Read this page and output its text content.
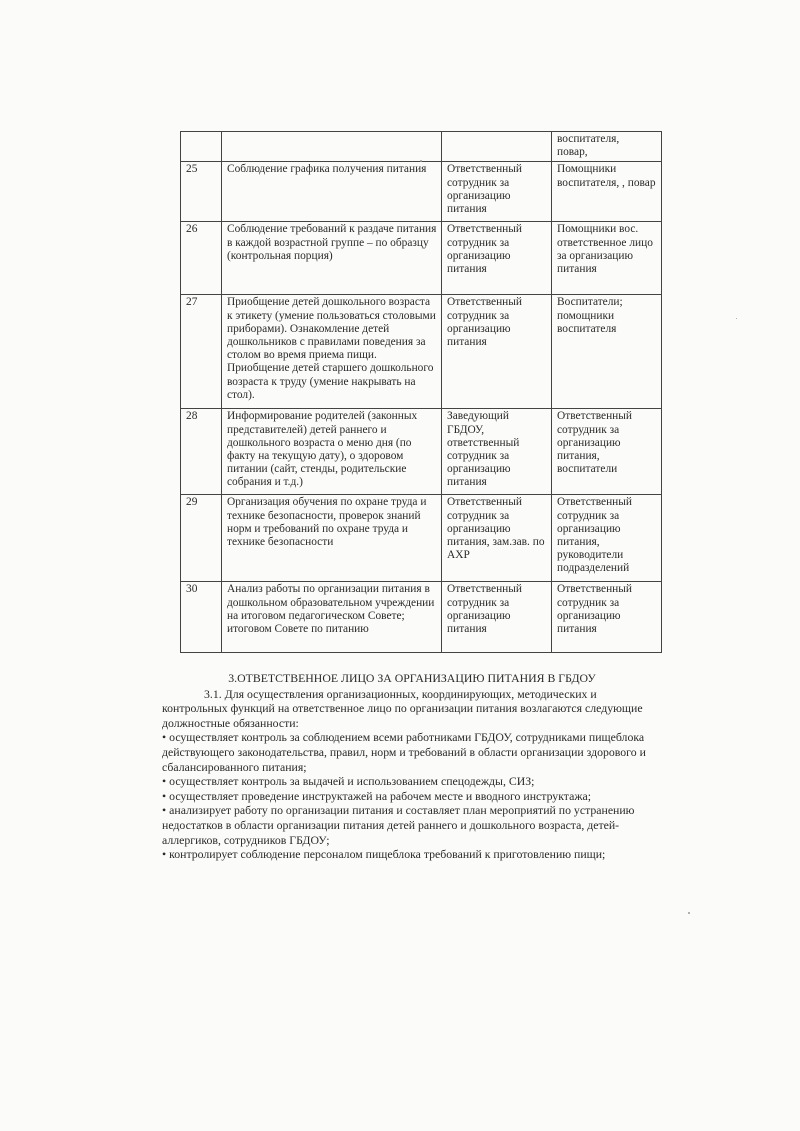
			воспитателя,
повар,
25	Соблюдение графика получения питания	Ответственный сотрудник за организацию питания	Помощники воспитателя, , повар
26	Соблюдение требований к раздаче питания в каждой возрастной группе – по образцу (контрольная порция)	Ответственный сотрудник за организацию питания	Помощники вос. ответственное лицо за организацию питания
27	Приобщение детей дошкольного возраста к этикету (умение пользоваться столовыми приборами). Ознакомление детей дошкольников с правилами поведения за столом во время приема пищи. Приобщение детей старшего дошкольного возраста к труду (умение накрывать на стол).	Ответственный сотрудник за организацию питания	Воспитатели; помощники воспитателя
28	Информирование родителей (законных представителей) детей раннего и дошкольного возраста о меню дня (по факту на текущую дату), о здоровом питании (сайт, стенды, родительские собрания и т.д.)	Заведующий ГБДОУ, ответственный сотрудник за организацию питания	Ответственный сотрудник за организацию питания, воспитатели
29	Организация обучения по охране труда и технике безопасности, проверок знаний норм и требований по охране труда и технике безопасности	Ответственный сотрудник за организацию питания, зам.зав. по АХР	Ответственный сотрудник за организацию питания, руководители подразделений
30	Анализ работы по организации питания в дошкольном образовательном учреждении на итоговом педагогическом Совете; итоговом Совете по питанию	Ответственный сотрудник за организацию питания	Ответственный сотрудник за организацию питания
3.ОТВЕТСТВЕННОЕ ЛИЦО ЗА ОРГАНИЗАЦИЮ ПИТАНИЯ В ГБДОУ

3.1. Для осуществления организационных, координирующих, методических и контрольных функций на ответственное лицо по организации питания возлагаются следующие должностные обязанности:

• осуществляет контроль за соблюдением всеми работниками ГБДОУ, сотрудниками пищеблока действующего законодательства, правил, норм и требований в области организации здорового и сбалансированного питания;
• осуществляет контроль за выдачей и использованием спецодежды, СИЗ;
• осуществляет проведение инструктажей на рабочем месте и вводного инструктажа;
• анализирует работу по организации питания и составляет план мероприятий по устранению недостатков в области организации питания детей раннего и дошкольного возраста, детей-аллергиков, сотрудников ГБДОУ;
• контролирует соблюдение персоналом пищеблока требований к приготовлению пищи;
